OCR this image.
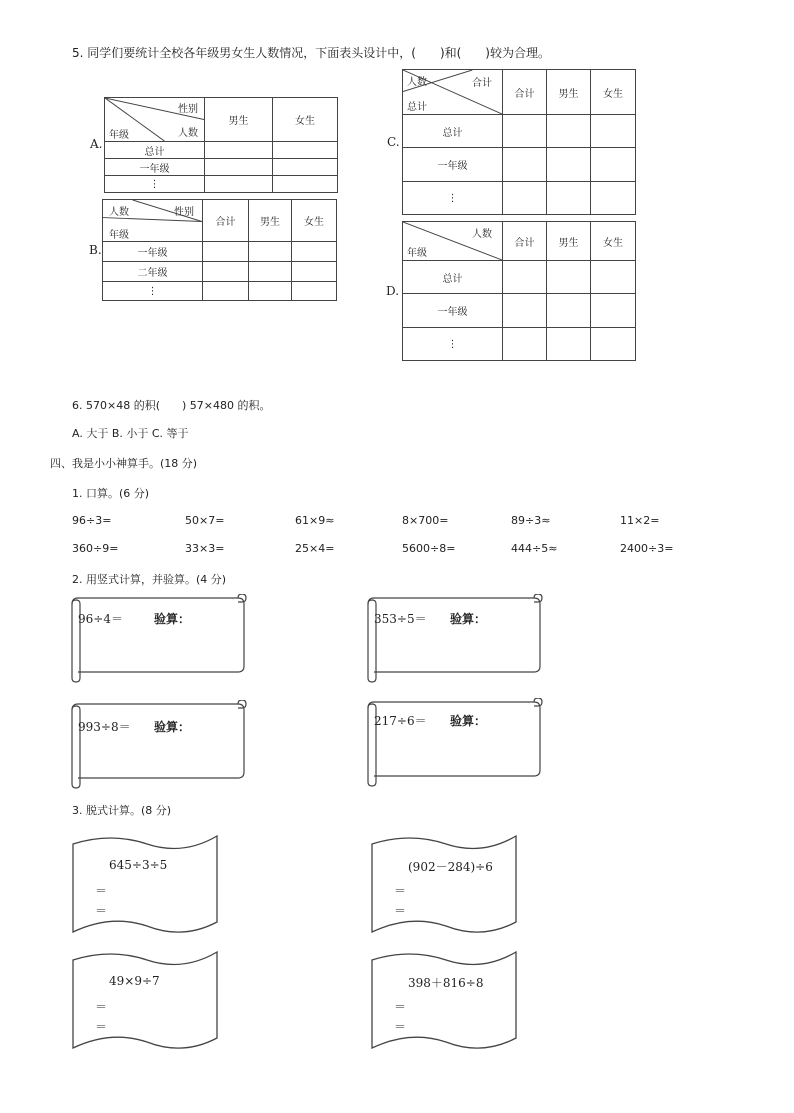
5. 同学们要统计全校各年级男女生人数情况，下面表头设计中，(　　)和(　　)较为合理。
A.
性别
人数
年级	男生	女生
总计		
一年级		
⋮		
B.
人数 性别
年级	合计	男生	女生
一年级			
二年级			
⋮			
C.
人数 合计
总计	合计	男生	女生
总计			
一年级			
⋮			
D.
人数
年级	合计	男生	女生
总计			
一年级			
⋮			
6. 570×48 的积(　　) 57×480 的积。
A. 大于 B. 小于 C. 等于
四、我是小小神算手。(18 分)
1. 口算。(6 分)
96÷3=	50×7=	61×9≈	8×700=	89÷3≈	11×2=
360÷9=	33×3=	25×4=	5600÷8=	444÷5≈	2400÷3=
2. 用竖式计算，并验算。(4 分)
96÷4＝	验算：	353÷5＝ 验算：
993÷8＝ 验算：	217÷6＝ 验算：
3. 脱式计算。(8 分)
645÷3÷5
＝
＝
(902－284)÷6
＝
＝
49×9÷7
＝
＝
398＋816÷8
＝
＝
